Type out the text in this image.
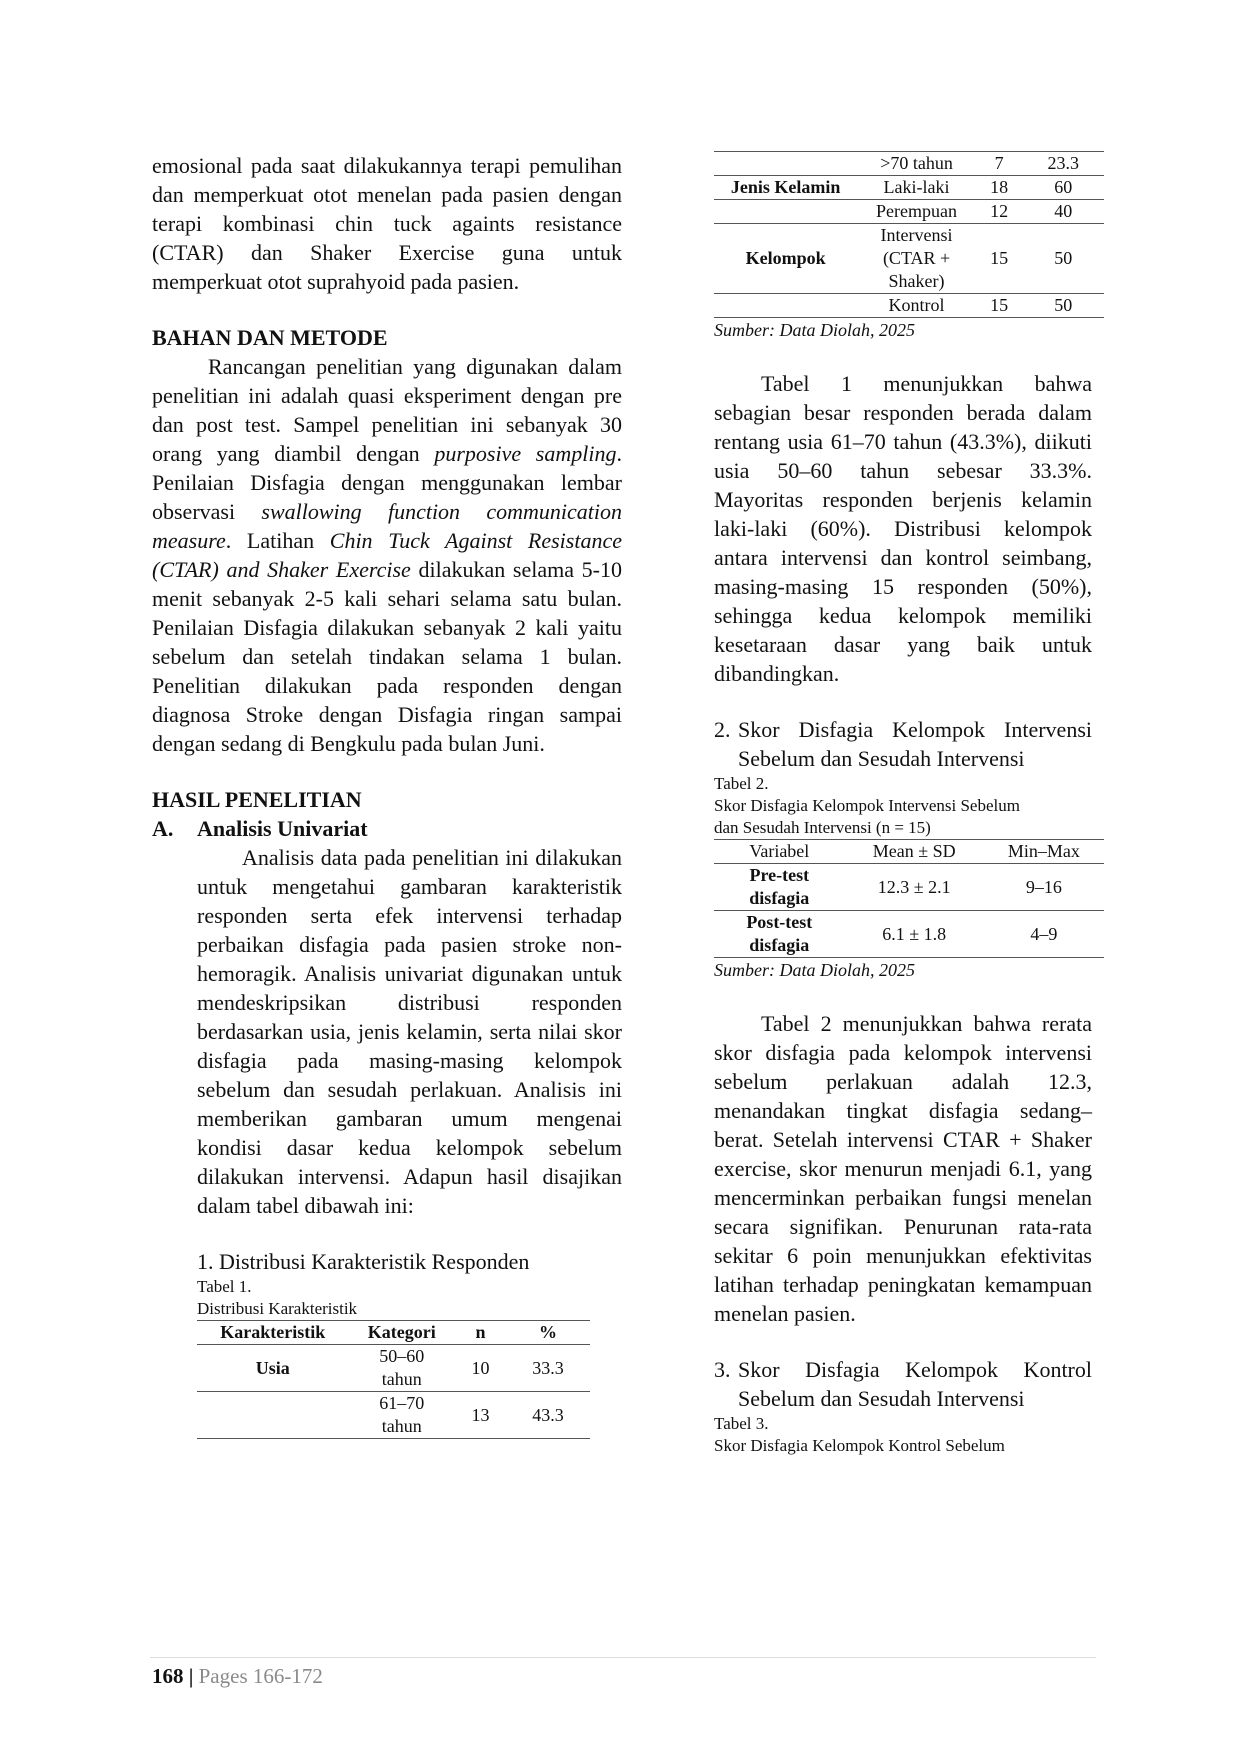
emosional pada saat dilakukannya terapi pemulihan dan memperkuat otot menelan pada pasien dengan terapi kombinasi chin tuck againts resistance (CTAR) dan Shaker Exercise guna untuk memperkuat otot suprahyoid pada pasien.

BAHAN DAN METODE

Rancangan penelitian yang digunakan dalam penelitian ini adalah quasi eksperiment dengan pre dan post test. Sampel penelitian ini sebanyak 30 orang yang diambil dengan purposive sampling. Penilaian Disfagia dengan menggunakan lembar observasi swallowing function communication measure. Latihan Chin Tuck Against Resistance (CTAR) and Shaker Exercise dilakukan selama 5-10 menit sebanyak 2-5 kali sehari selama satu bulan. Penilaian Disfagia dilakukan sebanyak 2 kali yaitu sebelum dan setelah tindakan selama 1 bulan. Penelitian dilakukan pada responden dengan diagnosa Stroke dengan Disfagia ringan sampai dengan sedang di Bengkulu pada bulan Juni.

HASIL PENELITIAN

A. Analisis Univariat

Analisis data pada penelitian ini dilakukan untuk mengetahui gambaran karakteristik responden serta efek intervensi terhadap perbaikan disfagia pada pasien stroke non-hemoragik. Analisis univariat digunakan untuk mendeskripsikan distribusi responden berdasarkan usia, jenis kelamin, serta nilai skor disfagia pada masing-masing kelompok sebelum dan sesudah perlakuan. Analisis ini memberikan gambaran umum mengenai kondisi dasar kedua kelompok sebelum dilakukan intervensi. Adapun hasil disajikan dalam tabel dibawah ini:

1. Distribusi Karakteristik Responden

Tabel 1.

Distribusi Karakteristik

Karakteristik	Kategori	n	%
Usia	50–60
tahun	10	33.3

	61–70
tahun	13	43.3
	>70 tahun	7	23.3
Jenis Kelamin	Laki-laki	18	60
	Perempuan	12	40
Kelompok	Intervensi
(CTAR +
Shaker)	15	50
	Kontrol	15	50

Sumber: Data Diolah, 2025

Tabel 1 menunjukkan bahwa sebagian besar responden berada dalam rentang usia 61–70 tahun (43.3%), diikuti usia 50–60 tahun sebesar 33.3%. Mayoritas responden berjenis kelamin laki-laki (60%). Distribusi kelompok antara intervensi dan kontrol seimbang, masing-masing 15 responden (50%), sehingga kedua kelompok memiliki kesetaraan dasar yang baik untuk dibandingkan.

2. Skor Disfagia Kelompok Intervensi Sebelum dan Sesudah Intervensi

Tabel 2.

Skor Disfagia Kelompok Intervensi Sebelum

dan Sesudah Intervensi (n = 15)

Variabel	Mean ± SD	Min–Max

Pre-test
disfagia	12.3 ± 2.1	9–16

Post-test
disfagia	6.1 ± 1.8	4–9

Sumber: Data Diolah, 2025

Tabel 2 menunjukkan bahwa rerata skor disfagia pada kelompok intervensi sebelum perlakuan adalah 12.3, menandakan tingkat disfagia sedang–berat. Setelah intervensi CTAR + Shaker exercise, skor menurun menjadi 6.1, yang mencerminkan perbaikan fungsi menelan secara signifikan. Penurunan rata-rata sekitar 6 poin menunjukkan efektivitas latihan terhadap peningkatan kemampuan menelan pasien.

3. Skor Disfagia Kelompok Kontrol Sebelum dan Sesudah Intervensi

Tabel 3.

Skor Disfagia Kelompok Kontrol Sebelum

168 | Pages 166-172
